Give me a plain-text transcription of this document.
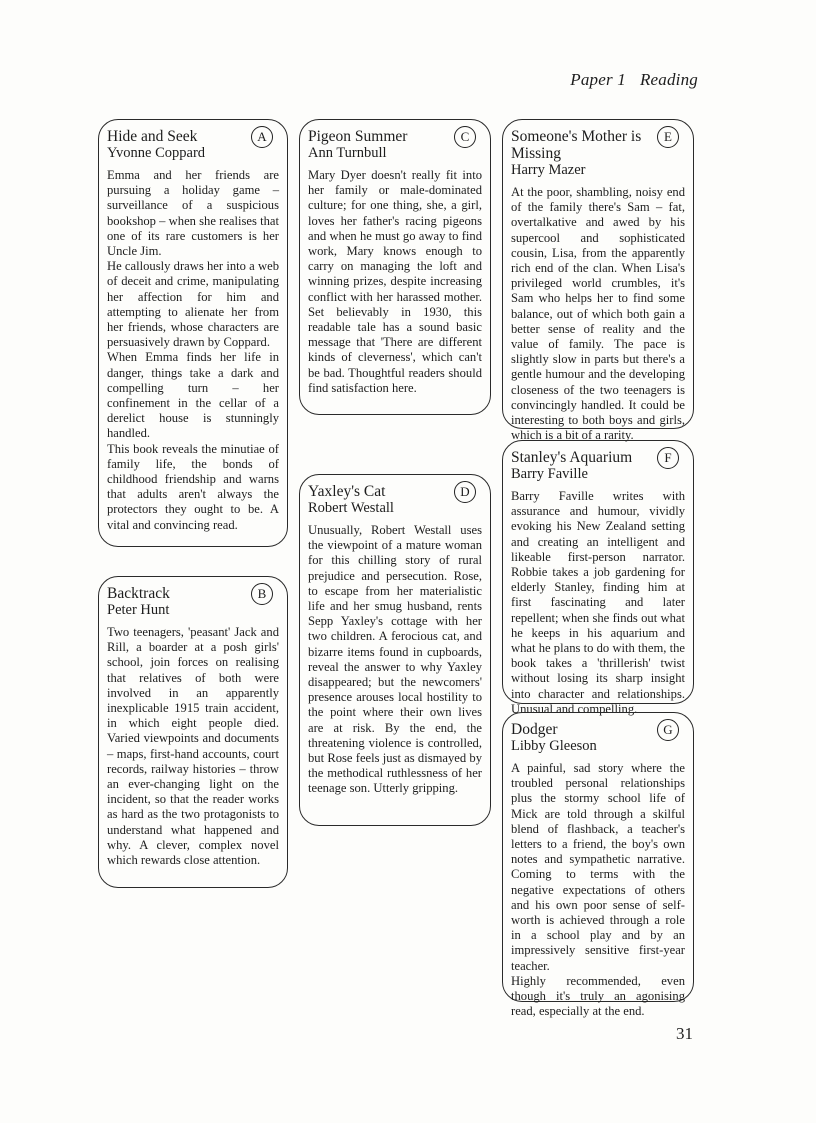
Paper 1 Reading
A
Hide and Seek
Yvonne Coppard

Emma and her friends are pursuing a holiday game – surveillance of a suspicious bookshop – when she realises that one of its rare customers is her Uncle Jim.

He callously draws her into a web of deceit and crime, manipulating her affection for him and attempting to alienate her from her friends, whose characters are persuasively drawn by Coppard.

When Emma finds her life in danger, things take a dark and compelling turn – her confinement in the cellar of a derelict house is stunningly handled.

This book reveals the minutiae of family life, the bonds of childhood friendship and warns that adults aren't always the protectors they ought to be. A vital and convincing read.

B
Backtrack
Peter Hunt

Two teenagers, 'peasant' Jack and Rill, a boarder at a posh girls' school, join forces on realising that relatives of both were involved in an apparently inexplicable 1915 train accident, in which eight people died. Varied viewpoints and documents – maps, first-hand accounts, court records, railway histories – throw an ever-changing light on the incident, so that the reader works as hard as the two protagonists to understand what happened and why. A clever, complex novel which rewards close attention.

C
Pigeon Summer
Ann Turnbull

Mary Dyer doesn't really fit into her family or male-dominated culture; for one thing, she, a girl, loves her father's racing pigeons and when he must go away to find work, Mary knows enough to carry on managing the loft and winning prizes, despite increasing conflict with her harassed mother. Set believably in 1930, this readable tale has a sound basic message that 'There are different kinds of cleverness', which can't be bad. Thoughtful readers should find satisfaction here.

D
Yaxley's Cat
Robert Westall

Unusually, Robert Westall uses the viewpoint of a mature woman for this chilling story of rural prejudice and persecution. Rose, to escape from her materialistic life and her smug husband, rents Sepp Yaxley's cottage with her two children. A ferocious cat, and bizarre items found in cupboards, reveal the answer to why Yaxley disappeared; but the newcomers' presence arouses local hostility to the point where their own lives are at risk. By the end, the threatening violence is controlled, but Rose feels just as dismayed by the methodical ruthlessness of her teenage son. Utterly gripping.

E
Someone's Mother is Missing
Harry Mazer

At the poor, shambling, noisy end of the family there's Sam – fat, overtalkative and awed by his supercool and sophisticated cousin, Lisa, from the apparently rich end of the clan. When Lisa's privileged world crumbles, it's Sam who helps her to find some balance, out of which both gain a better sense of reality and the value of family. The pace is slightly slow in parts but there's a gentle humour and the developing closeness of the two teenagers is convincingly handled. It could be interesting to both boys and girls, which is a bit of a rarity.

F
Stanley's Aquarium
Barry Faville

Barry Faville writes with assurance and humour, vividly evoking his New Zealand setting and creating an intelligent and likeable first-person narrator. Robbie takes a job gardening for elderly Stanley, finding him at first fascinating and later repellent; when she finds out what he keeps in his aquarium and what he plans to do with them, the book takes a 'thrillerish' twist without losing its sharp insight into character and relationships. Unusual and compelling.

G
Dodger
Libby Gleeson

A painful, sad story where the troubled personal relationships plus the stormy school life of Mick are told through a skilful blend of flashback, a teacher's letters to a friend, the boy's own notes and sympathetic narrative. Coming to terms with the negative expectations of others and his own poor sense of self-worth is achieved through a role in a school play and by an impressively sensitive first-year teacher.

Highly recommended, even though it's truly an agonising read, especially at the end.

31
